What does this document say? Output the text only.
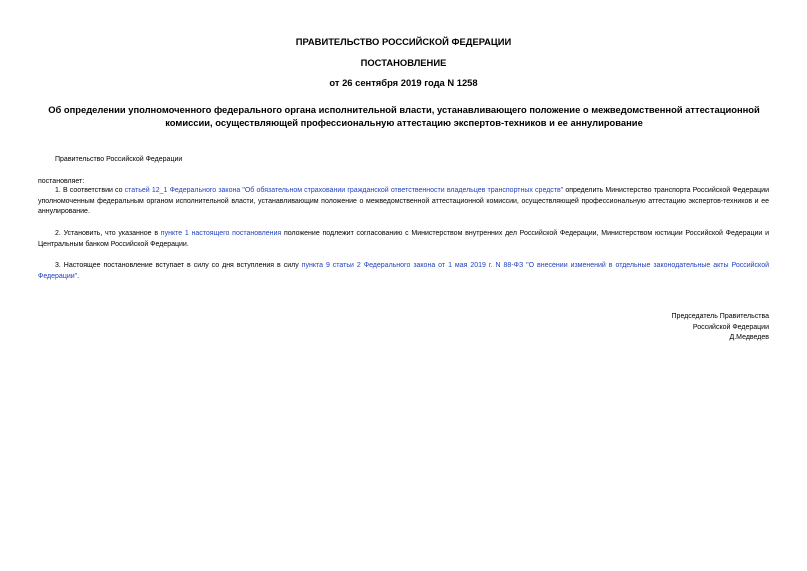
ПРАВИТЕЛЬСТВО РОССИЙСКОЙ ФЕДЕРАЦИИ
ПОСТАНОВЛЕНИЕ
от 26 сентября 2019 года N 1258
Об определении уполномоченного федерального органа исполнительной власти, устанавливающего положение о межведомственной аттестационной комиссии, осуществляющей профессиональную аттестацию экспертов-техников и ее аннулирование
Правительство Российской Федерации
постановляет:
1. В соответствии со статьей 12_1 Федерального закона "Об обязательном страховании гражданской ответственности владельцев транспортных средств" определить Министерство транспорта Российской Федерации уполномоченным федеральным органом исполнительной власти, устанавливающим положение о межведомственной аттестационной комиссии, осуществляющей профессиональную аттестацию экспертов-техников и ее аннулирование.
2. Установить, что указанное в пункте 1 настоящего постановления положение подлежит согласованию с Министерством внутренних дел Российской Федерации, Министерством юстиции Российской Федерации и Центральным банком Российской Федерации.
3. Настоящее постановление вступает в силу со дня вступления в силу пункта 9 статьи 2 Федерального закона от 1 мая 2019 г. N 88-ФЗ "О внесении изменений в отдельные законодательные акты Российской Федерации".
Председатель Правительства
Российской Федерации
Д.Медведев
